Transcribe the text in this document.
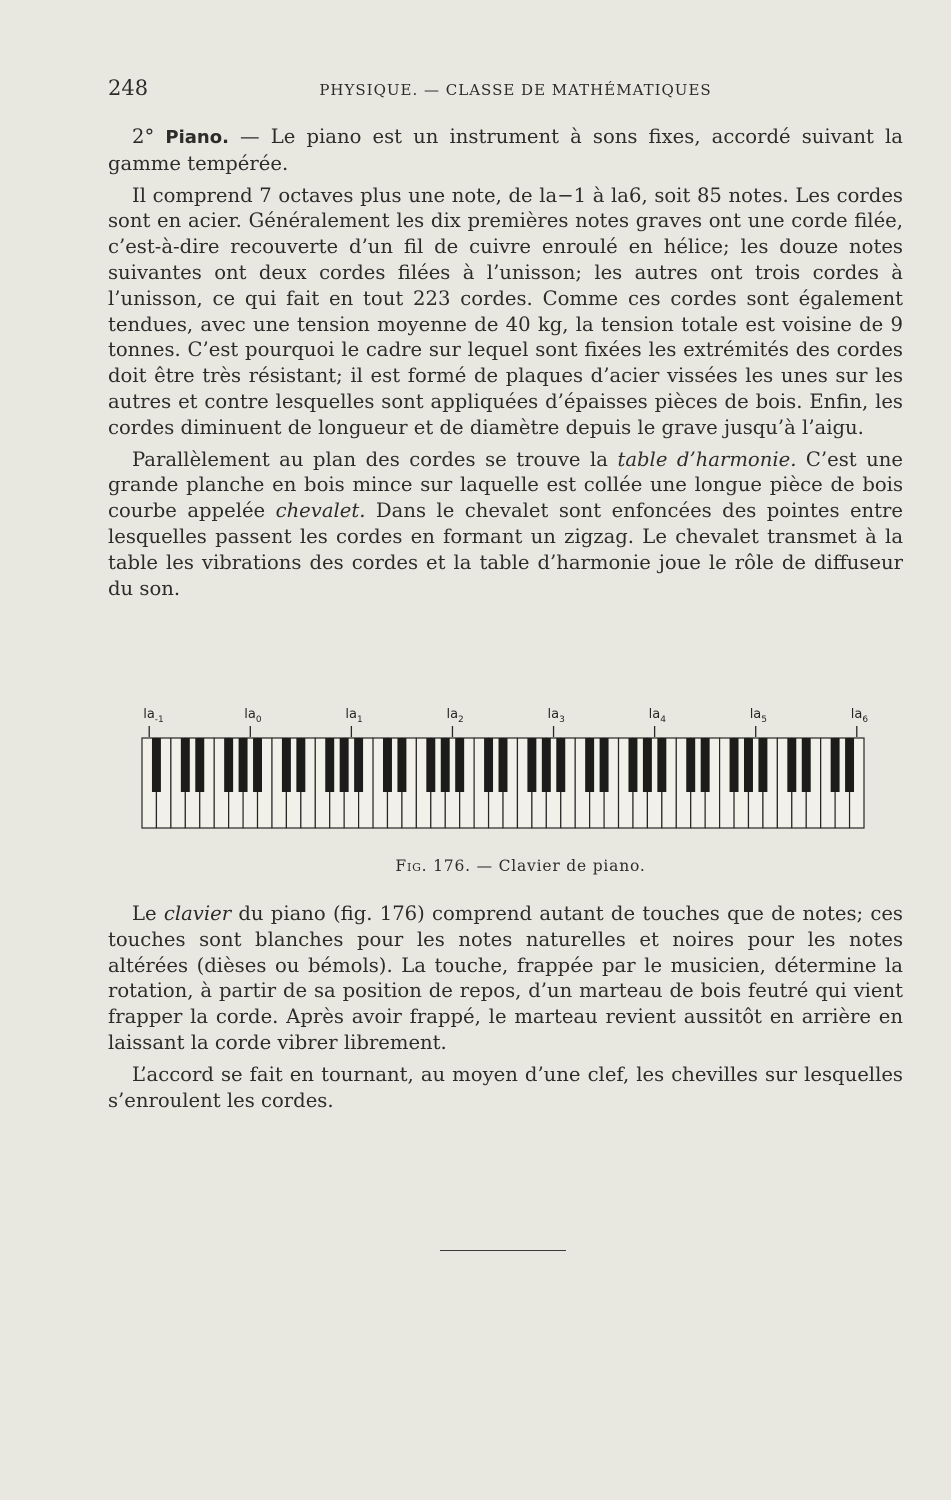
248	PHYSIQUE. — CLASSE DE MATHÉMATIQUES

2° Piano. — Le piano est un instrument à sons fixes, accordé suivant la gamme tempérée.

Il comprend 7 octaves plus une note, de la−1 à la6, soit 85 notes. Les cordes sont en acier. Généralement les dix premières notes graves ont une corde filée, c’est-à-dire recouverte d’un fil de cuivre enroulé en hélice; les douze notes suivantes ont deux cordes filées à l’unisson; les autres ont trois cordes à l’unisson, ce qui fait en tout 223 cordes. Comme ces cordes sont également tendues, avec une tension moyenne de 40 kg, la tension totale est voisine de 9 tonnes. C’est pourquoi le cadre sur lequel sont fixées les extrémités des cordes doit être très résistant; il est formé de plaques d’acier vissées les unes sur les autres et contre lesquelles sont appliquées d’épaisses pièces de bois. Enfin, les cordes diminuent de longueur et de diamètre depuis le grave jusqu’à l’aigu.

Parallèlement au plan des cordes se trouve la table d’harmonie. C’est une grande planche en bois mince sur laquelle est collée une longue pièce de bois courbe appelée chevalet. Dans le chevalet sont enfoncées des pointes entre lesquelles passent les cordes en formant un zigzag. Le chevalet transmet à la table les vibrations des cordes et la table d’harmonie joue le rôle de diffuseur du son.

$la_{-1}$	$la_0$	$la_1$	$la_2$	$la_3$	$la_4$	$la_5$	$la_6$
Fig. 176. — Clavier de piano.

Le clavier du piano (fig. 176) comprend autant de touches que de notes; ces touches sont blanches pour les notes naturelles et noires pour les notes altérées (dièses ou bémols). La touche, frappée par le musicien, détermine la rotation, à partir de sa position de repos, d’un marteau de bois feutré qui vient frapper la corde. Après avoir frappé, le marteau revient aussitôt en arrière en laissant la corde vibrer librement.

L’accord se fait en tournant, au moyen d’une clef, les chevilles sur lesquelles s’enroulent les cordes.
